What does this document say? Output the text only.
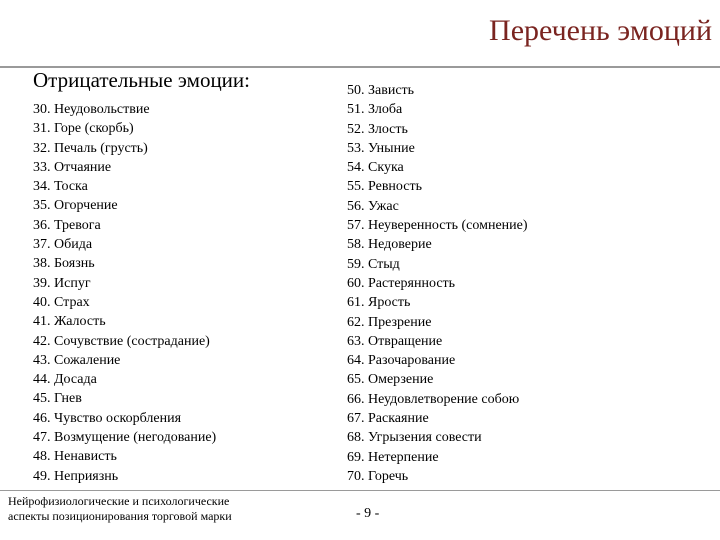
Перечень эмоций
Отрицательные эмоции:
30. Неудовольствие
31. Горе (скорбь)
32. Печаль (грусть)
33. Отчаяние
34. Тоска
35. Огорчение
36. Тревога
37. Обида
38. Боязнь
39. Испуг
40. Страх
41. Жалость
42. Сочувствие (сострадание)
43. Сожаление
44. Досада
45. Гнев
46. Чувство оскорбления
47. Возмущение (негодование)
48. Ненависть
49. Неприязнь
50. Зависть
51. Злоба
52. Злость
53. Уныние
54. Скука
55. Ревность
56. Ужас
57. Неуверенность (сомнение)
58. Недоверие
59. Стыд
60. Растерянность
61. Ярость
62. Презрение
63. Отвращение
64. Разочарование
65. Омерзение
66. Неудовлетворение собою
67. Раскаяние
68. Угрызения совести
69. Нетерпение
70. Горечь
Нейрофизиологические и психологические
аспекты позиционирования торговой марки	- 9 -
